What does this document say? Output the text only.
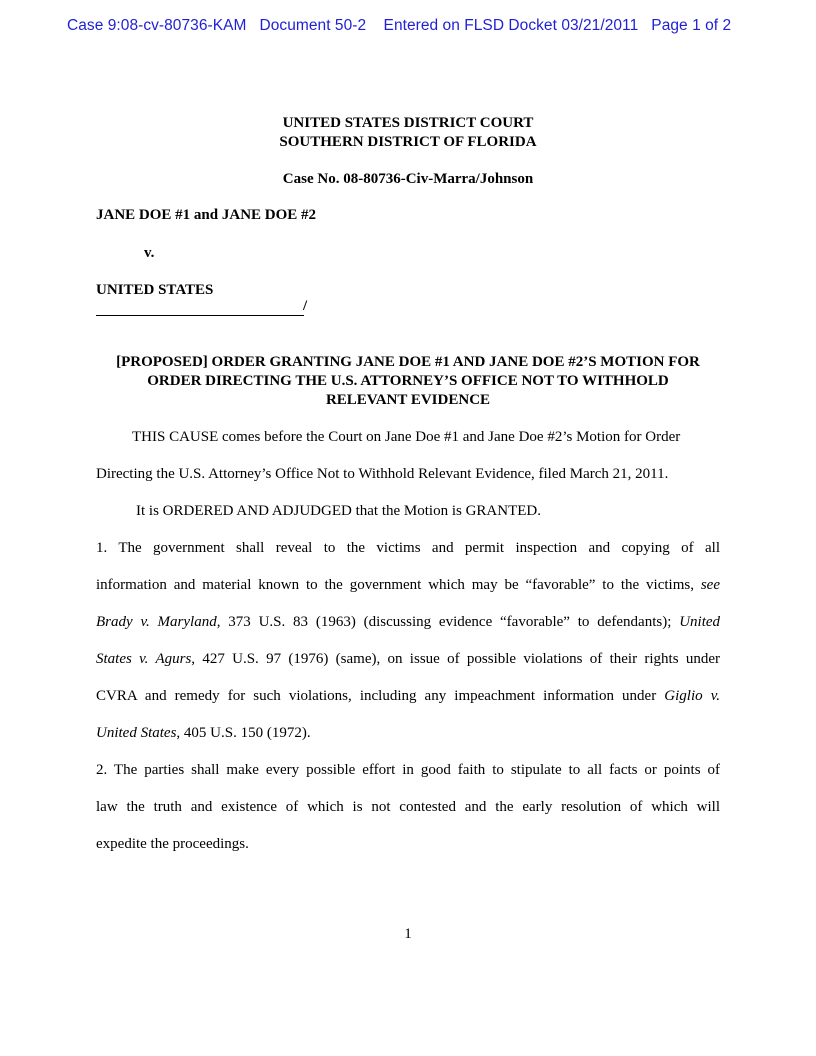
Case 9:08-cv-80736-KAM   Document 50-2    Entered on FLSD Docket 03/21/2011   Page 1 of 2
UNITED STATES DISTRICT COURT
SOUTHERN DISTRICT OF FLORIDA
Case No. 08-80736-Civ-Marra/Johnson
JANE DOE #1 and JANE DOE #2
v.
UNITED STATES
/
[PROPOSED] ORDER GRANTING JANE DOE #1 AND JANE DOE #2’S MOTION FOR
ORDER DIRECTING THE U.S. ATTORNEY’S OFFICE NOT TO WITHHOLD
RELEVANT EVIDENCE
THIS CAUSE comes before the Court on Jane Doe #1 and Jane Doe #2’s Motion for Order
Directing the U.S. Attorney’s Office Not to Withhold Relevant Evidence, filed March 21, 2011.
It is ORDERED AND ADJUDGED that the Motion is GRANTED.
1. The government shall reveal to the victims and permit inspection and copying of all
information and material known to the government which may be “favorable” to the victims, see
Brady v. Maryland, 373 U.S. 83 (1963) (discussing evidence “favorable” to defendants); United
States v. Agurs, 427 U.S. 97 (1976) (same), on issue of possible violations of their rights under
CVRA and remedy for such violations, including any impeachment information under Giglio v.
United States, 405 U.S. 150 (1972).
2. The parties shall make every possible effort in good faith to stipulate to all facts or points of
law the truth and existence of which is not contested and the early resolution of which will
expedite the proceedings.
1
